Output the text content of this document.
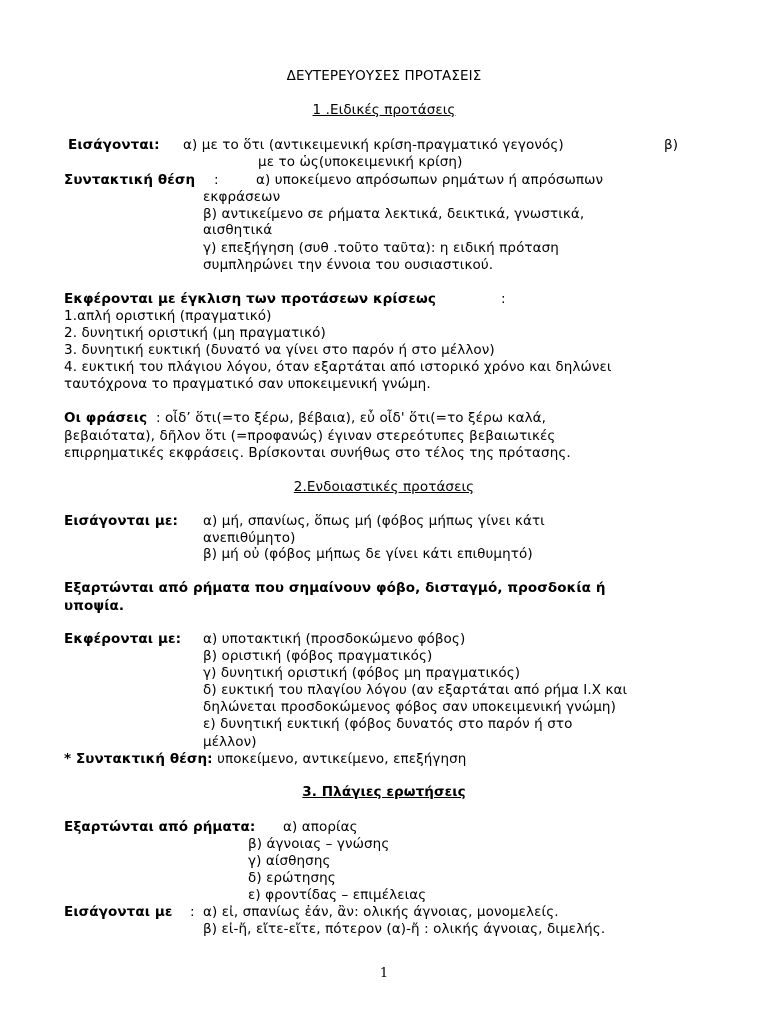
ΔΕΥΤΕΡΕΥΟΥΣΕΣ ΠΡΟΤΑΣΕΙΣ
1 .Ειδικές προτάσεις
Εισάγονται: α) με το ὅτι (αντικειμενική κρίση-πραγματικό γεγονός)	β)
με το ὡς(υποκειμενική κρίση)
Συντακτική θέση :	α) υποκείμενο απρόσωπων ρημάτων ή απρόσωπων
εκφράσεων
β) αντικείμενο σε ρήματα λεκτικά, δεικτικά, γνωστικά,
αισθητικά
γ) επεξήγηση (συθ .τοῦτο ταῦτα): η ειδική πρόταση
συμπληρώνει την έννοια του ουσιαστικού.
Εκφέρονται με έγκλιση των προτάσεων κρίσεως	:
1.απλή οριστική (πραγματικό)
2. δυνητική οριστική (μη πραγματικό)
3. δυνητική ευκτική (δυνατό να γίνει στο παρόν ή στο μέλλον)
4. ευκτική του πλάγιου λόγου, όταν εξαρτάται από ιστορικό χρόνο και δηλώνει
ταυτόχρονα το πραγματικό σαν υποκειμενική γνώμη.
Οι φράσεις : οἶδ’ ὅτι(=το ξέρω, βέβαια), εὖ οἶδ' ὅτι(=το ξέρω καλά,
βεβαιότατα), δῆλον ὅτι (=προφανώς) έγιναν στερεότυπες βεβαιωτικές
επιρρηματικές εκφράσεις. Βρίσκονται συνήθως στο τέλος της πρότασης.
2.Ενδοιαστικές προτάσεις
Εισάγονται με: α) μή, σπανίως, ὅπως μή (φόβος μήπως γίνει κάτι
ανεπιθύμητο)
β) μή οὐ (φόβος μήπως δε γίνει κάτι επιθυμητό)
Εξαρτώνται από ρήματα που σημαίνουν φόβο, δισταγμό, προσδοκία ή
υποψία.
Εκφέρονται με: α) υποτακτική (προσδοκώμενο φόβος)
β) οριστική (φόβος πραγματικός)
γ) δυνητική οριστική (φόβος μη πραγματικός)
δ) ευκτική του πλαγίου λόγου (αν εξαρτάται από ρήμα Ι.Χ και
δηλώνεται προσδοκώμενος φόβος σαν υποκειμενική γνώμη)
ε) δυνητική ευκτική (φόβος δυνατός στο παρόν ή στο
μέλλον)
* Συντακτική θέση: υποκείμενο, αντικείμενο, επεξήγηση
3. Πλάγιες ερωτήσεις
Εξαρτώνται από ρήματα: α) απορίας
β) άγνοιας – γνώσης
γ) αίσθησης
δ) ερώτησης
ε) φροντίδας – επιμέλειας
Εισάγονται με : α) εἰ, σπανίως ἐάν, ἂν: ολικής άγνοιας, μονομελείς.
β) εἰ-ἤ, εἴτε-εἴτε, πότερον (α)-ἤ : ολικής άγνοιας, διμελής.
1
